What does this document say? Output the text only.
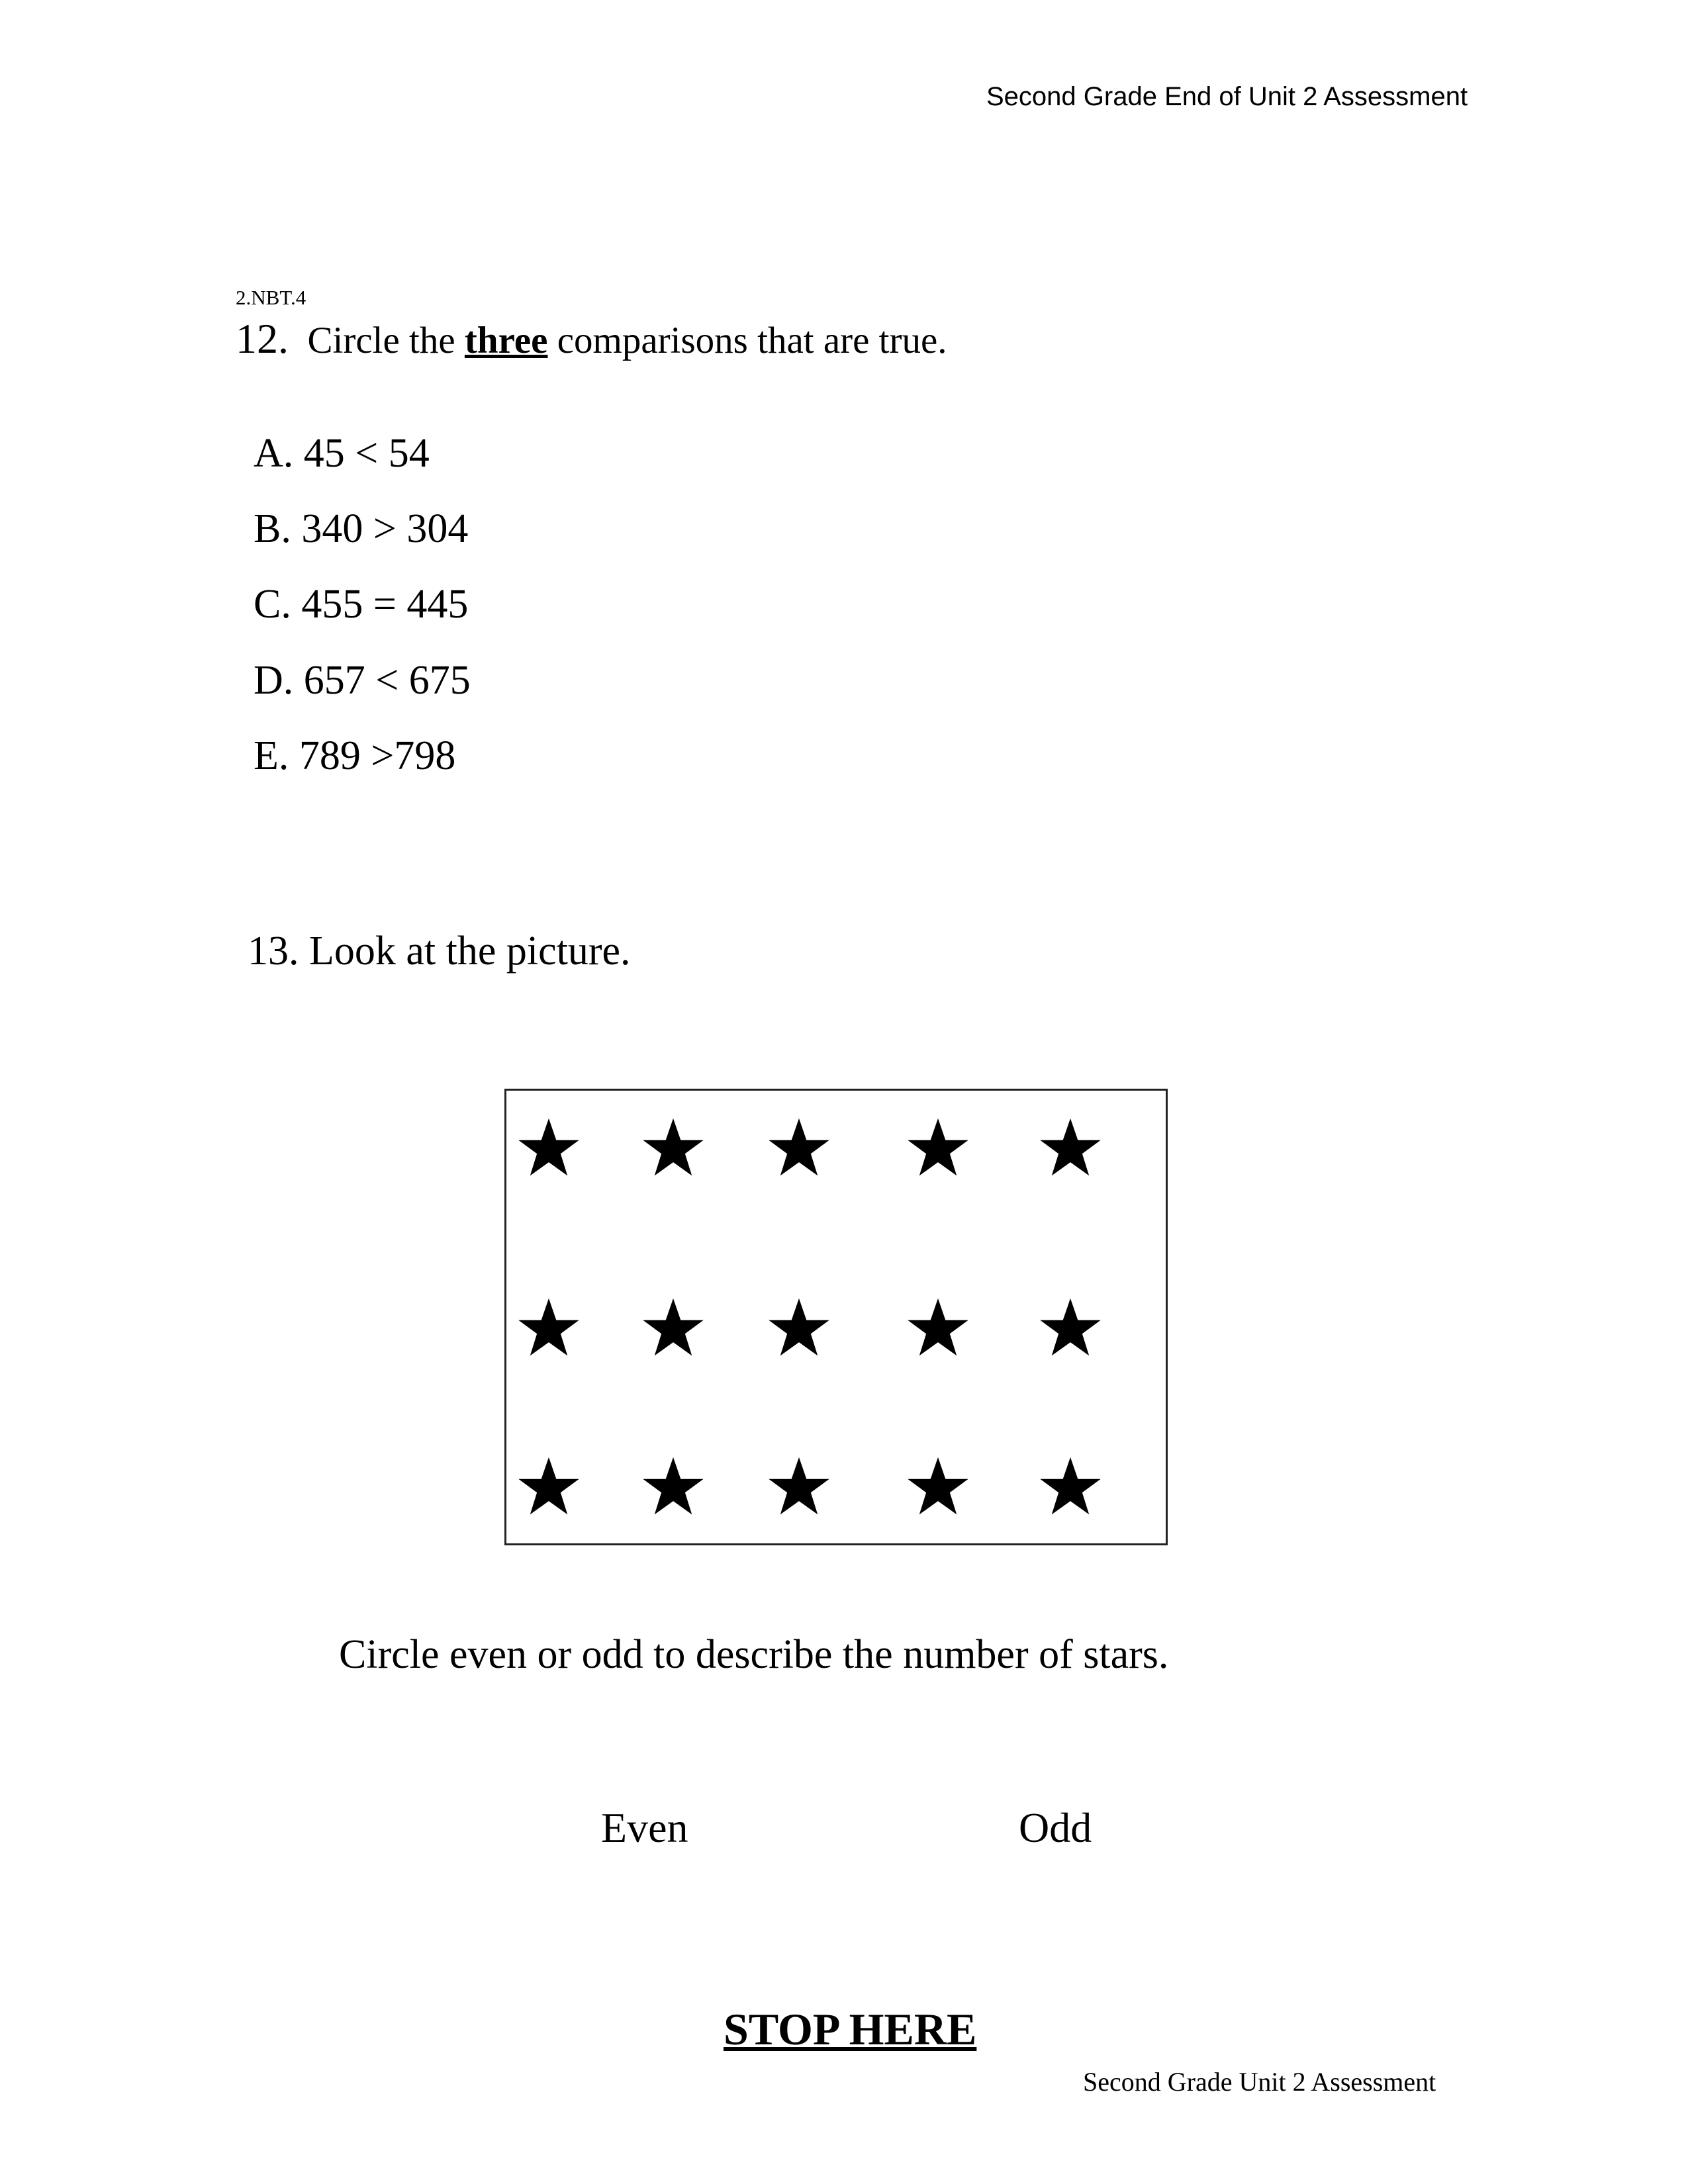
Second Grade End of Unit 2 Assessment
2.NBT.4
12. Circle the three comparisons that are true.
A. 45 < 54
B. 340 > 304
C. 455 = 445
D. 657 < 675
E. 789 >798
13. Look at the picture.
Circle even or odd to describe the number of stars.
Even	Odd
STOP HERE
Second Grade Unit 2 Assessment
